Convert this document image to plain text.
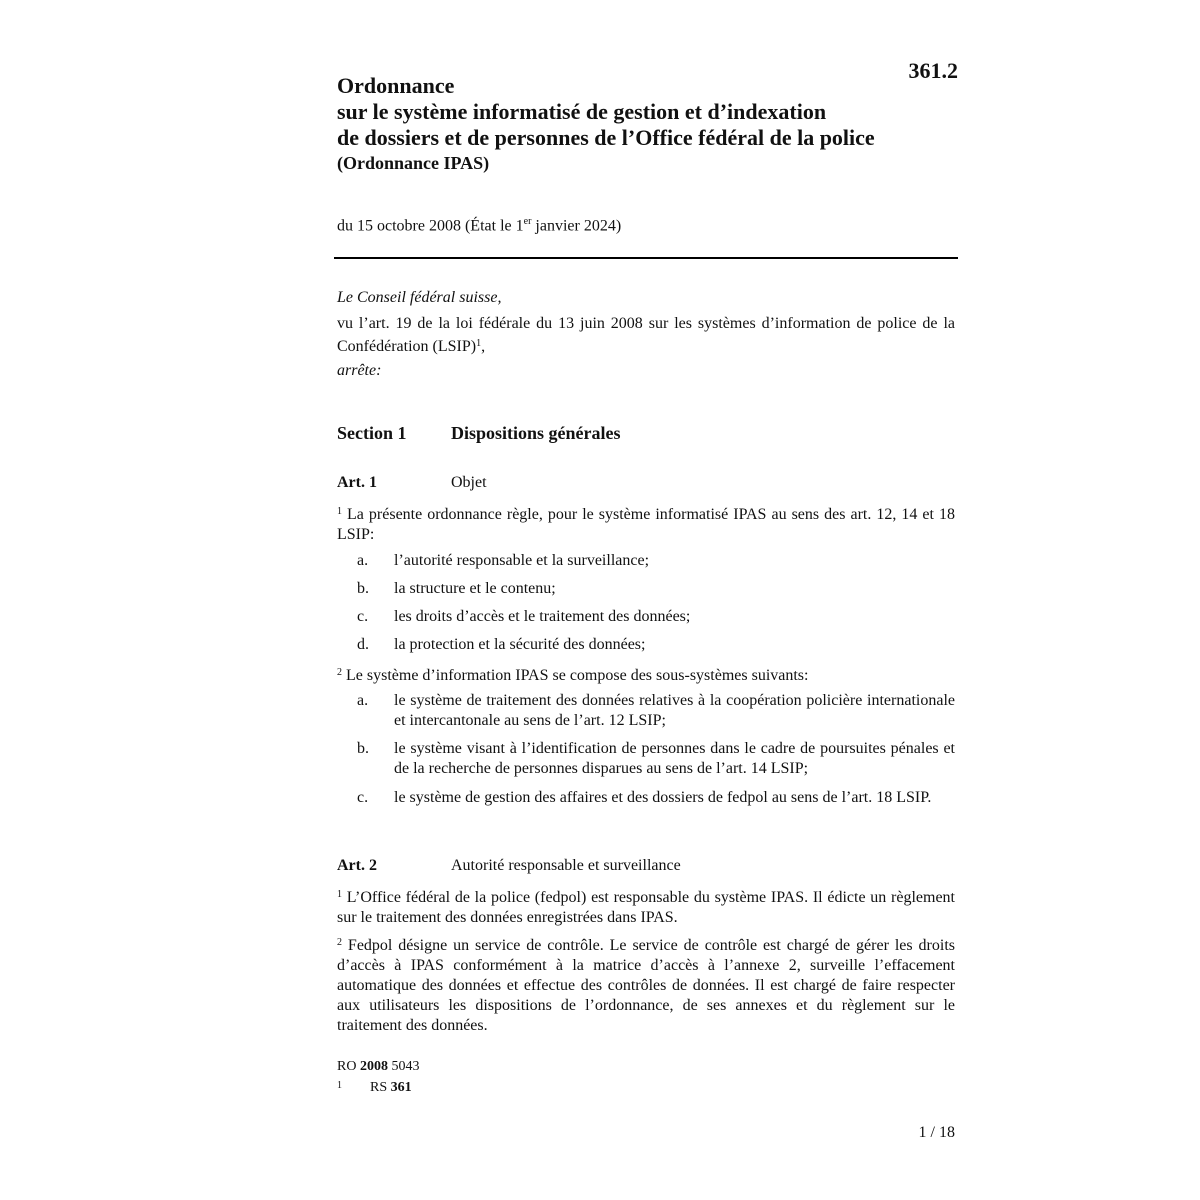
361.2
Ordonnance
sur le système informatisé de gestion et d’indexation
de dossiers et de personnes de l’Office fédéral de la police
(Ordonnance IPAS)
du 15 octobre 2008 (État le 1er janvier 2024)
Le Conseil fédéral suisse,
vu l’art. 19 de la loi fédérale du 13 juin 2008 sur les systèmes d’information de police de la Confédération (LSIP)$^1$,
arrête:
Section 1 Dispositions générales
Art. 1	Objet
$^1$ La présente ordonnance règle, pour le système informatisé IPAS au sens des art. 12, 14 et 18 LSIP:
a. l’autorité responsable et la surveillance;
b. la structure et le contenu;
c. les droits d’accès et le traitement des données;
d. la protection et la sécurité des données;
$^2$ Le système d’information IPAS se compose des sous-systèmes suivants:
a. le système de traitement des données relatives à la coopération policière internationale et intercantonale au sens de l’art. 12 LSIP;
b. le système visant à l’identification de personnes dans le cadre de poursuites pénales et de la recherche de personnes disparues au sens de l’art. 14 LSIP;
c. le système de gestion des affaires et des dossiers de fedpol au sens de l’art. 18 LSIP.
Art. 2	Autorité responsable et surveillance
$^1$ L’Office fédéral de la police (fedpol) est responsable du système IPAS. Il édicte un règlement sur le traitement des données enregistrées dans IPAS.
$^2$ Fedpol désigne un service de contrôle. Le service de contrôle est chargé de gérer les droits d’accès à IPAS conformément à la matrice d’accès à l’annexe 2, surveille l’effacement automatique des données et effectue des contrôles de données. Il est chargé de faire respecter aux utilisateurs les dispositions de l’ordonnance, de ses annexes et du règlement sur le traitement des données.
RO 2008 5043
$^1$ RS 361
1 / 18
